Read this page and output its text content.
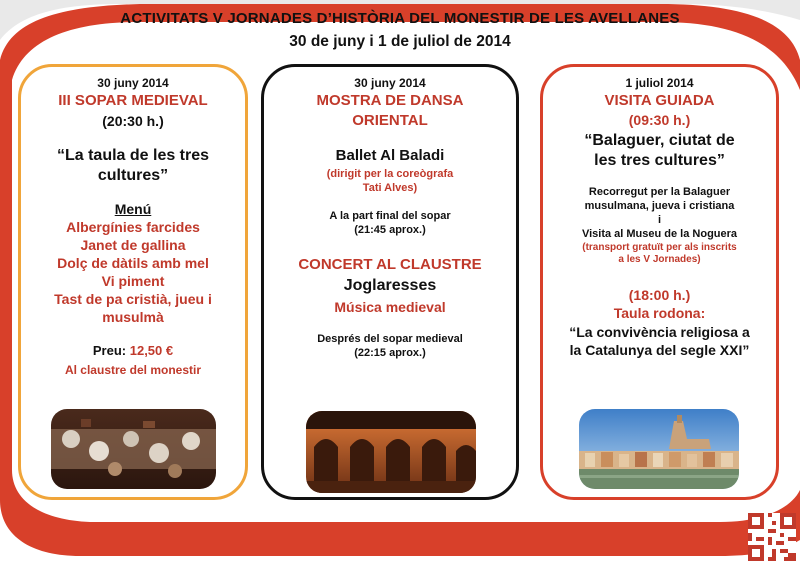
ACTIVITATS V JORNADES D’HISTÒRIA DEL MONESTIR DE LES AVELLANES
30 de juny i 1 de juliol de 2014
30 juny 2014
III SOPAR MEDIEVAL
(20:30 h.)
“La taula de les tres
cultures”
Menú
Albergínies farcides
Janet de gallina
Dolç de dàtils amb mel
Vi piment
Tast de pa cristià, jueu i
musulmà
Preu: 12,50 €
Al claustre del monestir
30 juny 2014
MOSTRA DE DANSA
ORIENTAL
Ballet Al Baladi
(dirigit per la coreògrafa
Tati Alves)
A la part final del sopar
(21:45 aprox.)
CONCERT AL CLAUSTRE
Joglaresses
Música medieval
Després del sopar medieval
(22:15 aprox.)
1 juliol 2014
VISITA GUIADA
(09:30 h.)
“Balaguer, ciutat de
les tres cultures”
Recorregut per la Balaguer
musulmana, jueva i cristiana
i
Visita al Museu de la Noguera
(transport gratuït per als inscrits
a les V Jornades)
(18:00 h.)
Taula rodona:
“La convivència religiosa a
la Catalunya del segle XXI”
